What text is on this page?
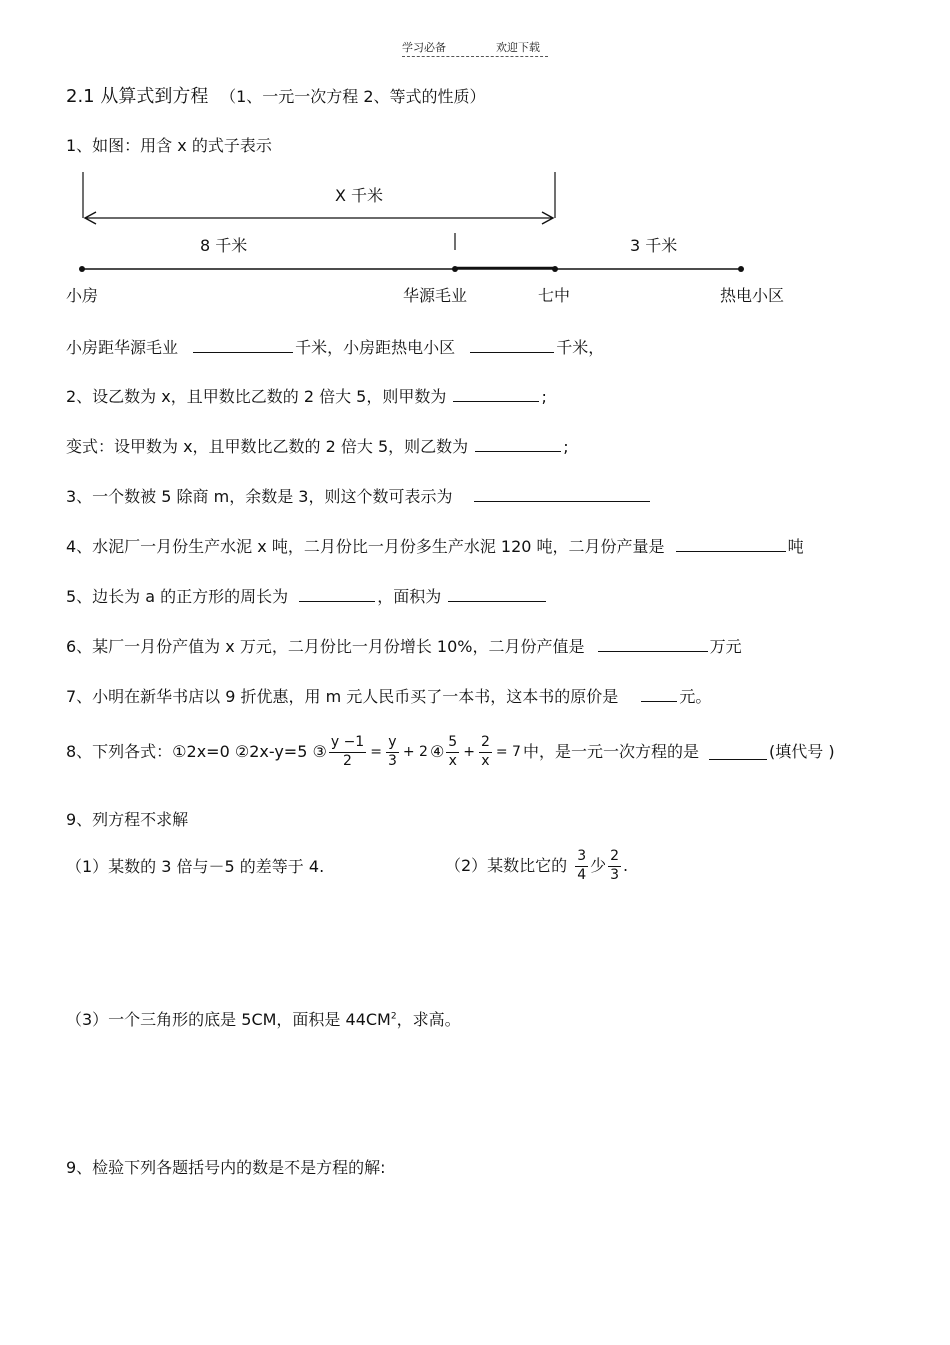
学习必备	欢迎下载
2.1 从算式到方程 （1、一元一次方程 2、等式的性质）
1、如图：用含 x 的式子表示
X 千米
8 千米	3 千米
小房	华源毛业	七中	热电小区
小房距华源毛业	千米，小房距热电小区	千米，
2、设乙数为 x，且甲数比乙数的 2 倍大 5，则甲数为	;
变式：设甲数为 x，且甲数比乙数的 2 倍大 5，则乙数为	;
3、一个数被 5 除商 m，余数是 3，则这个数可表示为
4、水泥厂一月份生产水泥 x 吨，二月份比一月份多生产水泥 120 吨，二月份产量是	吨
5、边长为 a 的正方形的周长为	，面积为
6、某厂一月份产值为 x 万元，二月份比一月份增长 10%，二月份产值是	万元
7、小明在新华书店以 9 折优惠，用 m 元人民币买了一本书，这本书的原价是	元。
8、下列各式：①2x=0 ②2x-y=5 ③ $\frac{y -1}{2} = \frac{y}{3} + 2$ ④ $\frac{5}{x} + \frac{2}{x} = 7$ 中，是一元一次方程的是	(填代号 )
9、列方程不求解
（1）某数的 3 倍与－5 的差等于 4.	（2）某数比它的 $\frac{3}{4}$ 少 $\frac{2}{3}$ .
（3）一个三角形的底是 5CM，面积是 $44CM^2$，求高。
9、检验下列各题括号内的数是不是方程的解:
